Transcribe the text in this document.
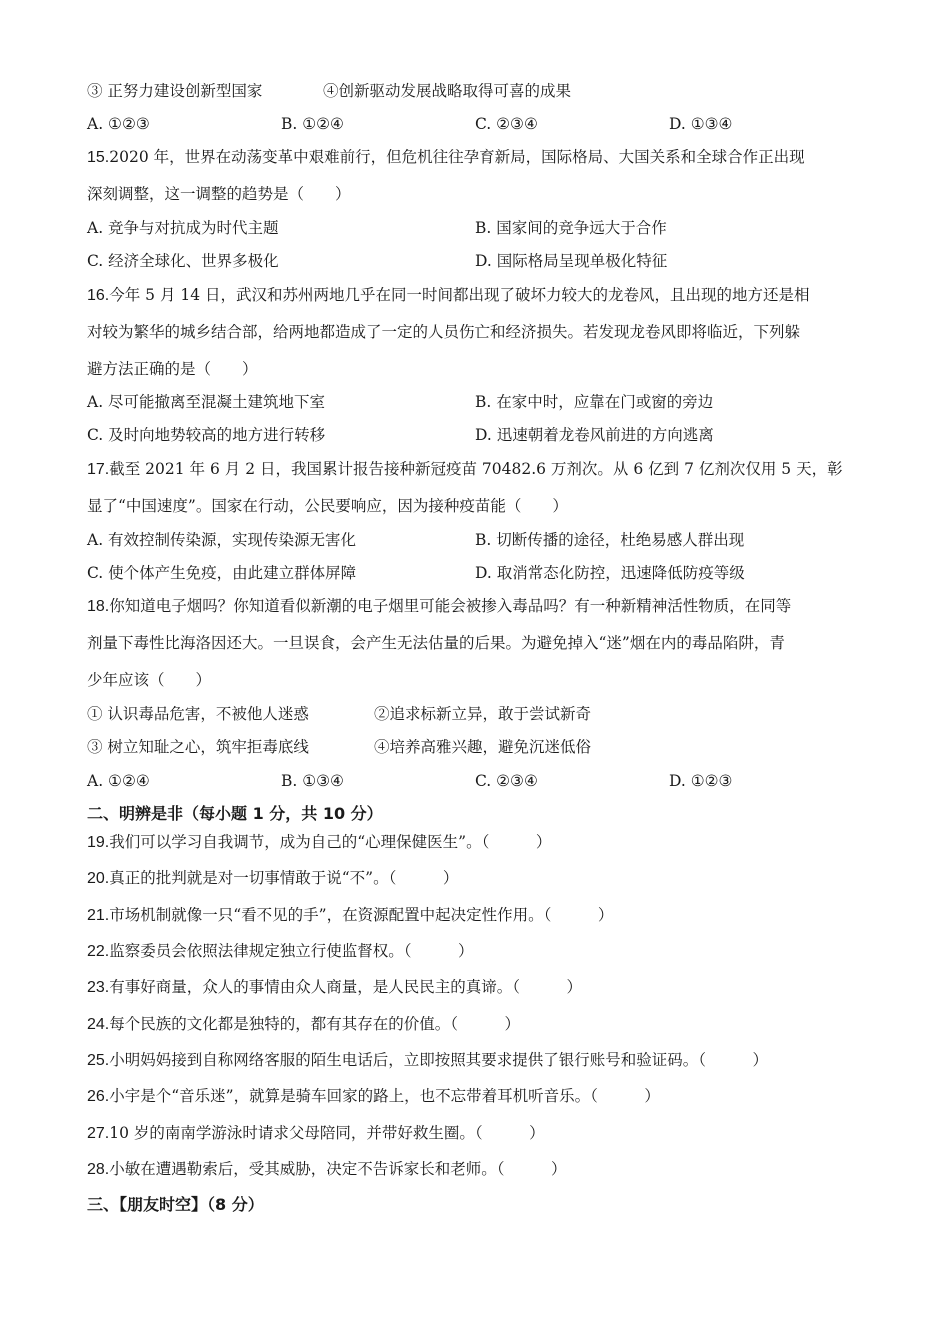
③ 正努力建设创新型国家	④创新驱动发展战略取得可喜的成果
A. ①②③	B. ①②④	C. ②③④	D. ①③④
15.2020 年，世界在动荡变革中艰难前行，但危机往往孕育新局，国际格局、大国关系和全球合作正出现
深刻调整，这一调整的趋势是（　　）
A. 竞争与对抗成为时代主题	B. 国家间的竞争远大于合作
C. 经济全球化、世界多极化	D. 国际格局呈现单极化特征
16.今年 5 月 14 日，武汉和苏州两地几乎在同一时间都出现了破坏力较大的龙卷风，且出现的地方还是相
对较为繁华的城乡结合部，给两地都造成了一定的人员伤亡和经济损失。若发现龙卷风即将临近，下列躲
避方法正确的是（　　）
A. 尽可能撤离至混凝土建筑地下室	B. 在家中时，应靠在门或窗的旁边
C. 及时向地势较高的地方进行转移	D. 迅速朝着龙卷风前进的方向逃离
17.截至 2021 年 6 月 2 日，我国累计报告接种新冠疫苗 70482.6 万剂次。从 6 亿到 7 亿剂次仅用 5 天，彰
显了“中国速度”。国家在行动，公民要响应，因为接种疫苗能（　　）
A. 有效控制传染源，实现传染源无害化	B. 切断传播的途径，杜绝易感人群出现
C. 使个体产生免疫，由此建立群体屏障	D. 取消常态化防控，迅速降低防疫等级
18.你知道电子烟吗？你知道看似新潮的电子烟里可能会被掺入毒品吗？有一种新精神活性物质，在同等
剂量下毒性比海洛因还大。一旦误食，会产生无法估量的后果。为避免掉入“迷”烟在内的毒品陷阱，青
少年应该（　　）
① 认识毒品危害，不被他人迷惑	②追求标新立异，敢于尝试新奇
③ 树立知耻之心，筑牢拒毒底线	④培养高雅兴趣，避免沉迷低俗
A. ①②④	B. ①③④	C. ②③④	D. ①②③
二、明辨是非（每小题 1 分，共 10 分）
19.我们可以学习自我调节，成为自己的“心理保健医生”。（　　　）
20.真正的批判就是对一切事情敢于说“不”。（　　　）
21.市场机制就像一只“看不见的手”，在资源配置中起决定性作用。（　　　）
22.监察委员会依照法律规定独立行使监督权。（　　　）
23.有事好商量，众人的事情由众人商量，是人民民主的真谛。（　　　）
24.每个民族的文化都是独特的，都有其存在的价值。（　　　）
25.小明妈妈接到自称网络客服的陌生电话后，立即按照其要求提供了银行账号和验证码。（　　　）
26.小宇是个“音乐迷”，就算是骑车回家的路上，也不忘带着耳机听音乐。（　　　）
27.10 岁的南南学游泳时请求父母陪同，并带好救生圈。（　　　）
28.小敏在遭遇勒索后，受其威胁，决定不告诉家长和老师。（　　　）
三、【朋友时空】（8 分）
